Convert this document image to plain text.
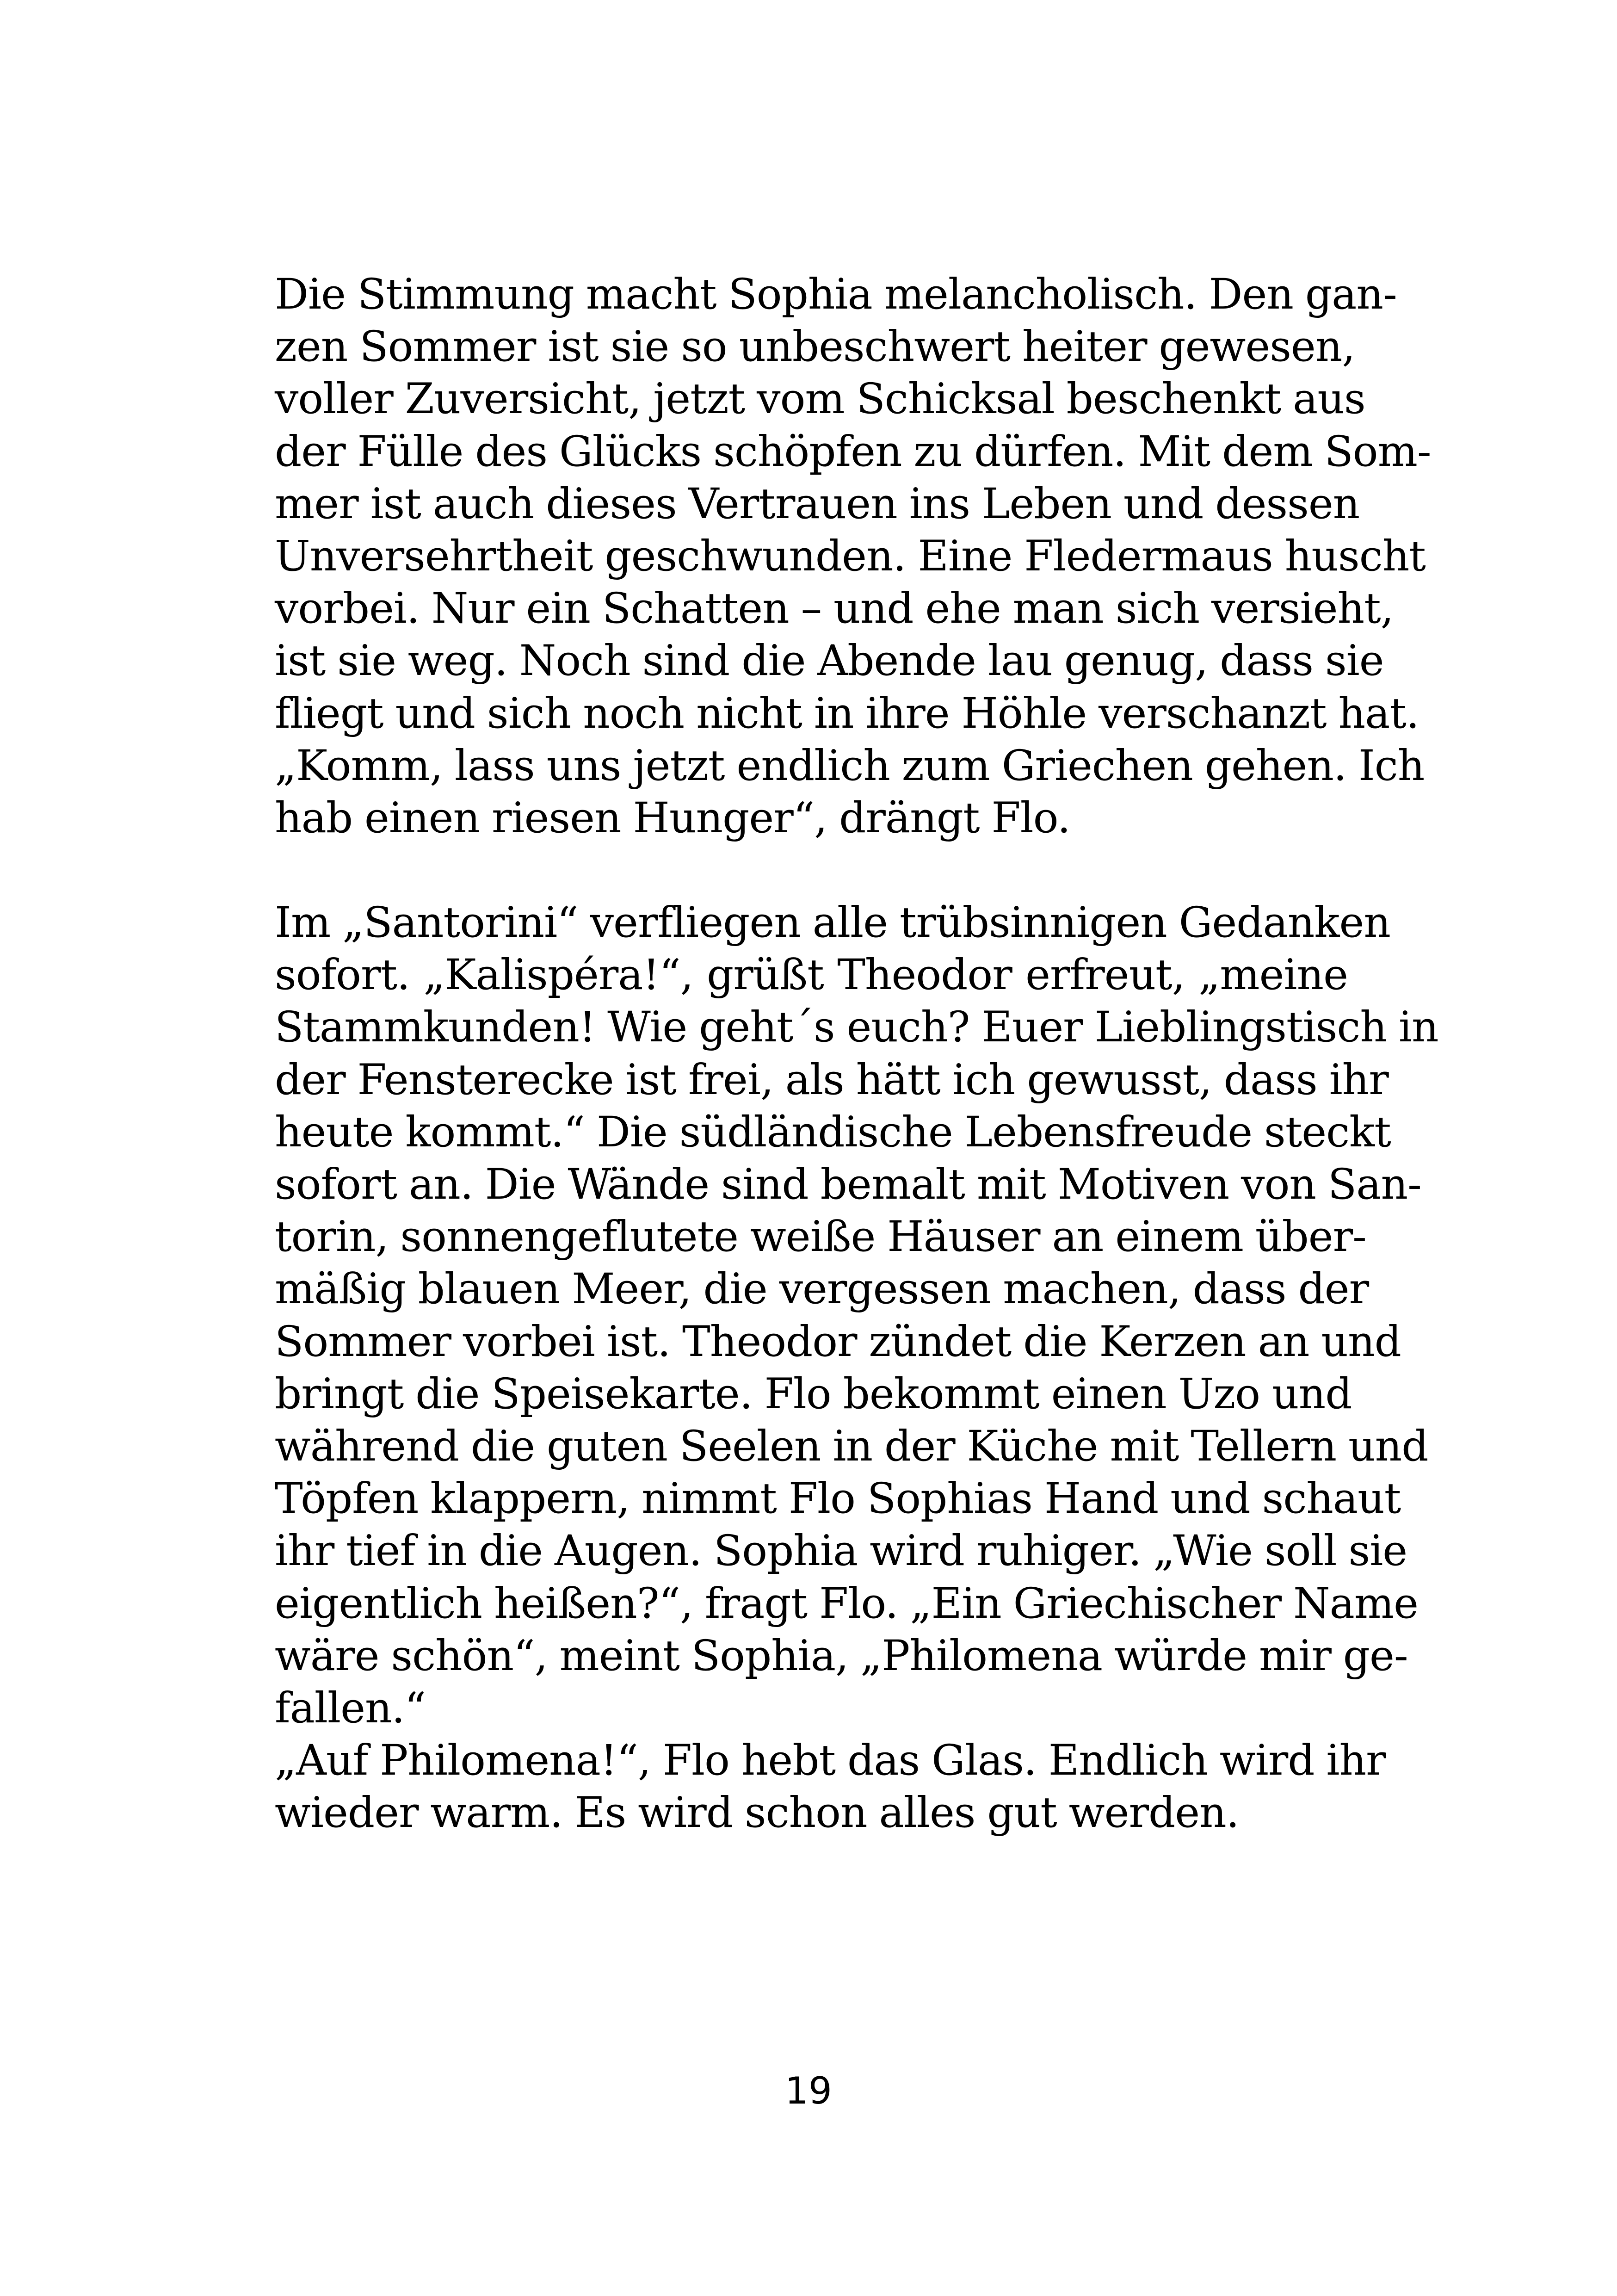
Die Stimmung macht Sophia melancholisch. Den gan-
zen Sommer ist sie so unbeschwert heiter gewesen,
voller Zuversicht, jetzt vom Schicksal beschenkt aus
der Fülle des Glücks schöpfen zu dürfen. Mit dem Som-
mer ist auch dieses Vertrauen ins Leben und dessen
Unversehrtheit geschwunden. Eine Fledermaus huscht
vorbei. Nur ein Schatten – und ehe man sich versieht,
ist sie weg. Noch sind die Abende lau genug, dass sie
fliegt und sich noch nicht in ihre Höhle verschanzt hat.
„Komm, lass uns jetzt endlich zum Griechen gehen. Ich
hab einen riesen Hunger“, drängt Flo.

Im „Santorini“ verfliegen alle trübsinnigen Gedanken
sofort. „Kalispéra!“, grüßt Theodor erfreut, „meine
Stammkunden! Wie geht´s euch? Euer Lieblingstisch in
der Fensterecke ist frei, als hätt ich gewusst, dass ihr
heute kommt.“ Die südländische Lebensfreude steckt
sofort an. Die Wände sind bemalt mit Motiven von San-
torin, sonnengeflutete weiße Häuser an einem über-
mäßig blauen Meer, die vergessen machen, dass der
Sommer vorbei ist. Theodor zündet die Kerzen an und
bringt die Speisekarte. Flo bekommt einen Uzo und
während die guten Seelen in der Küche mit Tellern und
Töpfen klappern, nimmt Flo Sophias Hand und schaut
ihr tief in die Augen. Sophia wird ruhiger. „Wie soll sie
eigentlich heißen?“, fragt Flo. „Ein Griechischer Name
wäre schön“, meint Sophia, „Philomena würde mir ge-
fallen.“
„Auf Philomena!“, Flo hebt das Glas. Endlich wird ihr
wieder warm. Es wird schon alles gut werden.

19
